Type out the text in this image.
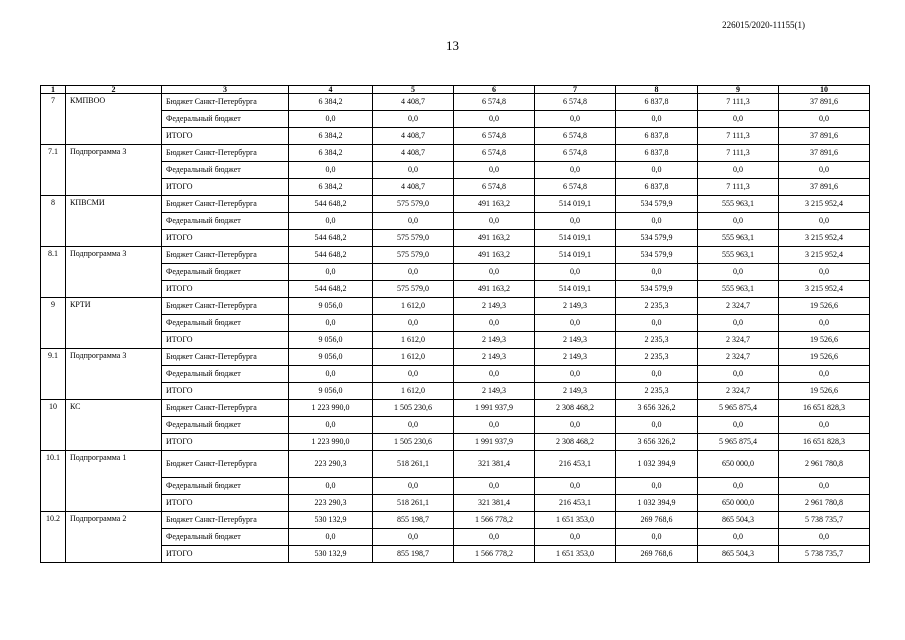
226015/2020-11155(1)
13
1	2	3	4	5	6	7	8	9	10
7	КМПВОО	Бюджет Санкт-Петербурга	6 384,2	4 408,7	6 574,8	6 574,8	6 837,8	7 111,3	37 891,6
		Федеральный бюджет	0,0	0,0	0,0	0,0	0,0	0,0	0,0
		ИТОГО	6 384,2	4 408,7	6 574,8	6 574,8	6 837,8	7 111,3	37 891,6
7.1	Подпрограмма 3	Бюджет Санкт-Петербурга	6 384,2	4 408,7	6 574,8	6 574,8	6 837,8	7 111,3	37 891,6
		Федеральный бюджет	0,0	0,0	0,0	0,0	0,0	0,0	0,0
		ИТОГО	6 384,2	4 408,7	6 574,8	6 574,8	6 837,8	7 111,3	37 891,6
8	КПВСМИ	Бюджет Санкт-Петербурга	544 648,2	575 579,0	491 163,2	514 019,1	534 579,9	555 963,1	3 215 952,4
		Федеральный бюджет	0,0	0,0	0,0	0,0	0,0	0,0	0,0
		ИТОГО	544 648,2	575 579,0	491 163,2	514 019,1	534 579,9	555 963,1	3 215 952,4
8.1	Подпрограмма 3	Бюджет Санкт-Петербурга	544 648,2	575 579,0	491 163,2	514 019,1	534 579,9	555 963,1	3 215 952,4
		Федеральный бюджет	0,0	0,0	0,0	0,0	0,0	0,0	0,0
		ИТОГО	544 648,2	575 579,0	491 163,2	514 019,1	534 579,9	555 963,1	3 215 952,4
9	КРТИ	Бюджет Санкт-Петербурга	9 056,0	1 612,0	2 149,3	2 149,3	2 235,3	2 324,7	19 526,6
		Федеральный бюджет	0,0	0,0	0,0	0,0	0,0	0,0	0,0
		ИТОГО	9 056,0	1 612,0	2 149,3	2 149,3	2 235,3	2 324,7	19 526,6
9.1	Подпрограмма 3	Бюджет Санкт-Петербурга	9 056,0	1 612,0	2 149,3	2 149,3	2 235,3	2 324,7	19 526,6
		Федеральный бюджет	0,0	0,0	0,0	0,0	0,0	0,0	0,0
		ИТОГО	9 056,0	1 612,0	2 149,3	2 149,3	2 235,3	2 324,7	19 526,6
10	КС	Бюджет Санкт-Петербурга	1 223 990,0	1 505 230,6	1 991 937,9	2 308 468,2	3 656 326,2	5 965 875,4	16 651 828,3
		Федеральный бюджет	0,0	0,0	0,0	0,0	0,0	0,0	0,0
		ИТОГО	1 223 990,0	1 505 230,6	1 991 937,9	2 308 468,2	3 656 326,2	5 965 875,4	16 651 828,3
10.1	Подпрограмма 1	Бюджет Санкт-Петербурга	223 290,3	518 261,1	321 381,4	216 453,1	1 032 394,9	650 000,0	2 961 780,8
		Федеральный бюджет	0,0	0,0	0,0	0,0	0,0	0,0	0,0
		ИТОГО	223 290,3	518 261,1	321 381,4	216 453,1	1 032 394,9	650 000,0	2 961 780,8
10.2	Подпрограмма 2	Бюджет Санкт-Петербурга	530 132,9	855 198,7	1 566 778,2	1 651 353,0	269 768,6	865 504,3	5 738 735,7
		Федеральный бюджет	0,0	0,0	0,0	0,0	0,0	0,0	0,0
		ИТОГО	530 132,9	855 198,7	1 566 778,2	1 651 353,0	269 768,6	865 504,3	5 738 735,7
